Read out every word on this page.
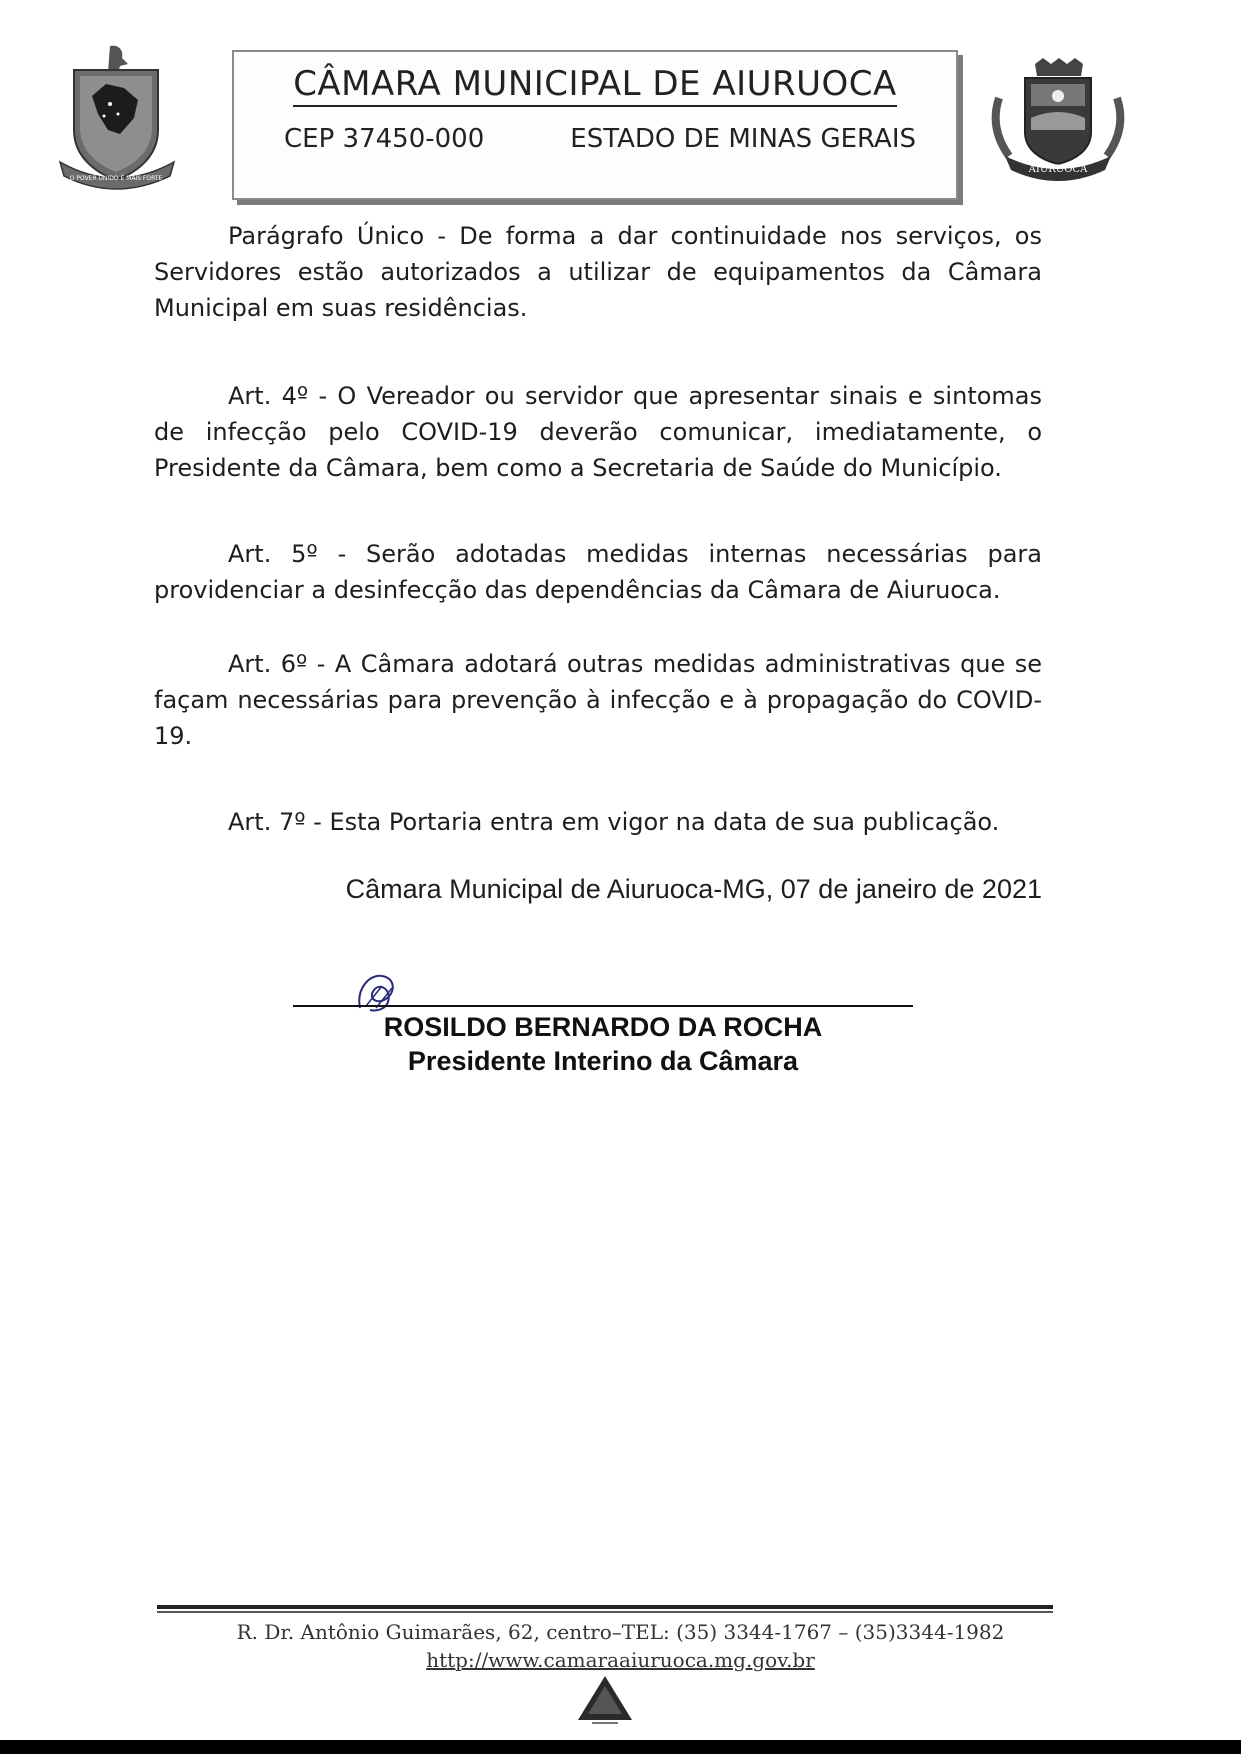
O POVER UNIDO É MAIS FORTE
CÂMARA MUNICIPAL DE AIURUOCA
CEP 37450-000	ESTADO DE MINAS GERAIS
AIURUOCA
Parágrafo Único - De forma a dar continuidade nos serviços, os Servidores estão autorizados a utilizar de equipamentos da Câmara Municipal em suas residências.
Art. 4º - O Vereador ou servidor que apresentar sinais e sintomas de infecção pelo COVID-19 deverão comunicar, imediatamente, o Presidente da Câmara, bem como a Secretaria de Saúde do Município.
Art. 5º - Serão adotadas medidas internas necessárias para providenciar a desinfecção das dependências da Câmara de Aiuruoca.
Art. 6º - A Câmara adotará outras medidas administrativas que se façam necessárias para prevenção à infecção e à propagação do COVID-19.
Art. 7º - Esta Portaria entra em vigor na data de sua publicação.
Câmara Municipal de Aiuruoca-MG, 07 de janeiro de 2021
ROSILDO BERNARDO DA ROCHA
Presidente Interino da Câmara
R. Dr. Antônio Guimarães, 62, centro–TEL: (35) 3344-1767 – (35)3344-1982
http://www.camaraaiuruoca.mg.gov.br
